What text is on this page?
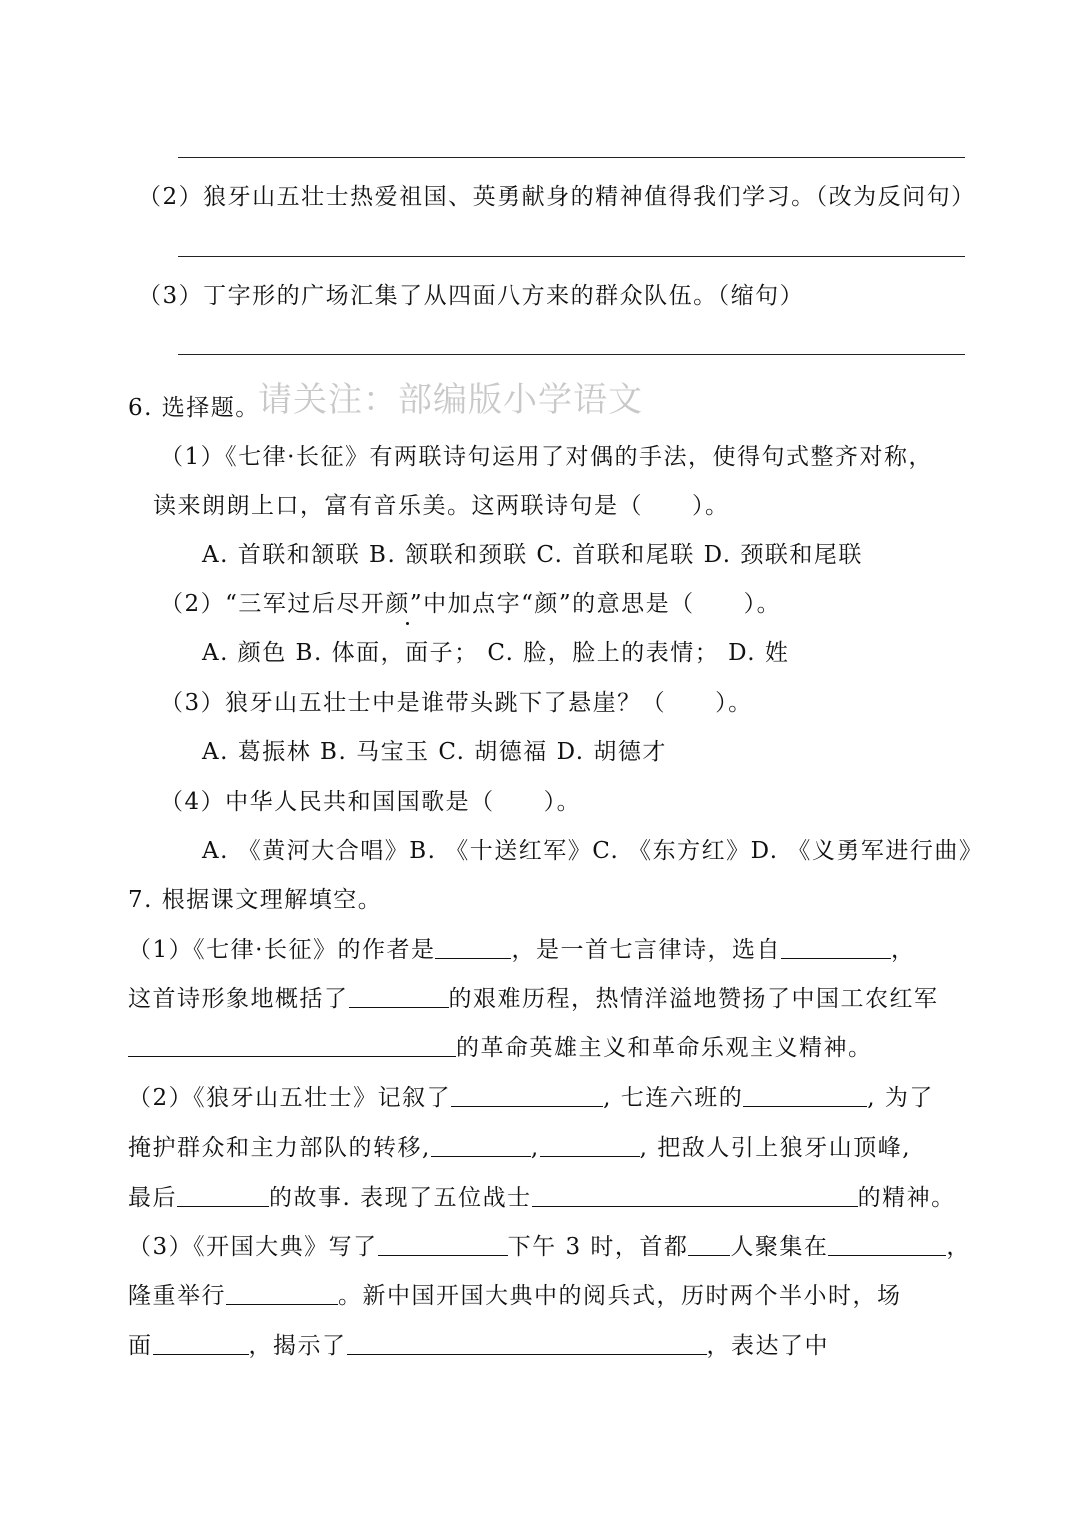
（2）狼牙山五壮士热爱祖国、英勇献身的精神值得我们学习。（改为反问句）
（3）丁字形的广场汇集了从四面八方来的群众队伍。（缩句）
请关注：部编版小学语文
6. 选择题。
（1）《七律·长征》有两联诗句运用了对偶的手法，使得句式整齐对称，
读来朗朗上口，富有音乐美。这两联诗句是（　　）。
A. 首联和颔联 B. 颔联和颈联 C. 首联和尾联 D. 颈联和尾联
（2）“三军过后尽开颜”中加点字“颜”的意思是（　　）。
A. 颜色 B. 体面，面子； C. 脸，脸上的表情； D. 姓
（3）狼牙山五壮士中是谁带头跳下了悬崖？（　　）。
A. 葛振林 B. 马宝玉 C. 胡德福 D. 胡德才
（4）中华人民共和国国歌是（　　）。
A. 《黄河大合唱》B. 《十送红军》C. 《东方红》D. 《义勇军进行曲》
7. 根据课文理解填空。
（1）《七律·长征》的作者是	，是一首七言律诗，选自	，
这首诗形象地概括了	的艰难历程，热情洋溢地赞扬了中国工农红军
的革命英雄主义和革命乐观主义精神。
（2）《狼牙山五壮士》记叙了	, 七连六班的	, 为了
掩护群众和主力部队的转移,	,	, 把敌人引上狼牙山顶峰,
最后	的故事. 表现了五位战士	的精神。
（3）《开国大典》写了	下午 3 时，首都 人聚集在	，
隆重举行	。新中国开国大典中的阅兵式，历时两个半小时，场
面	，揭示了	，表达了中
